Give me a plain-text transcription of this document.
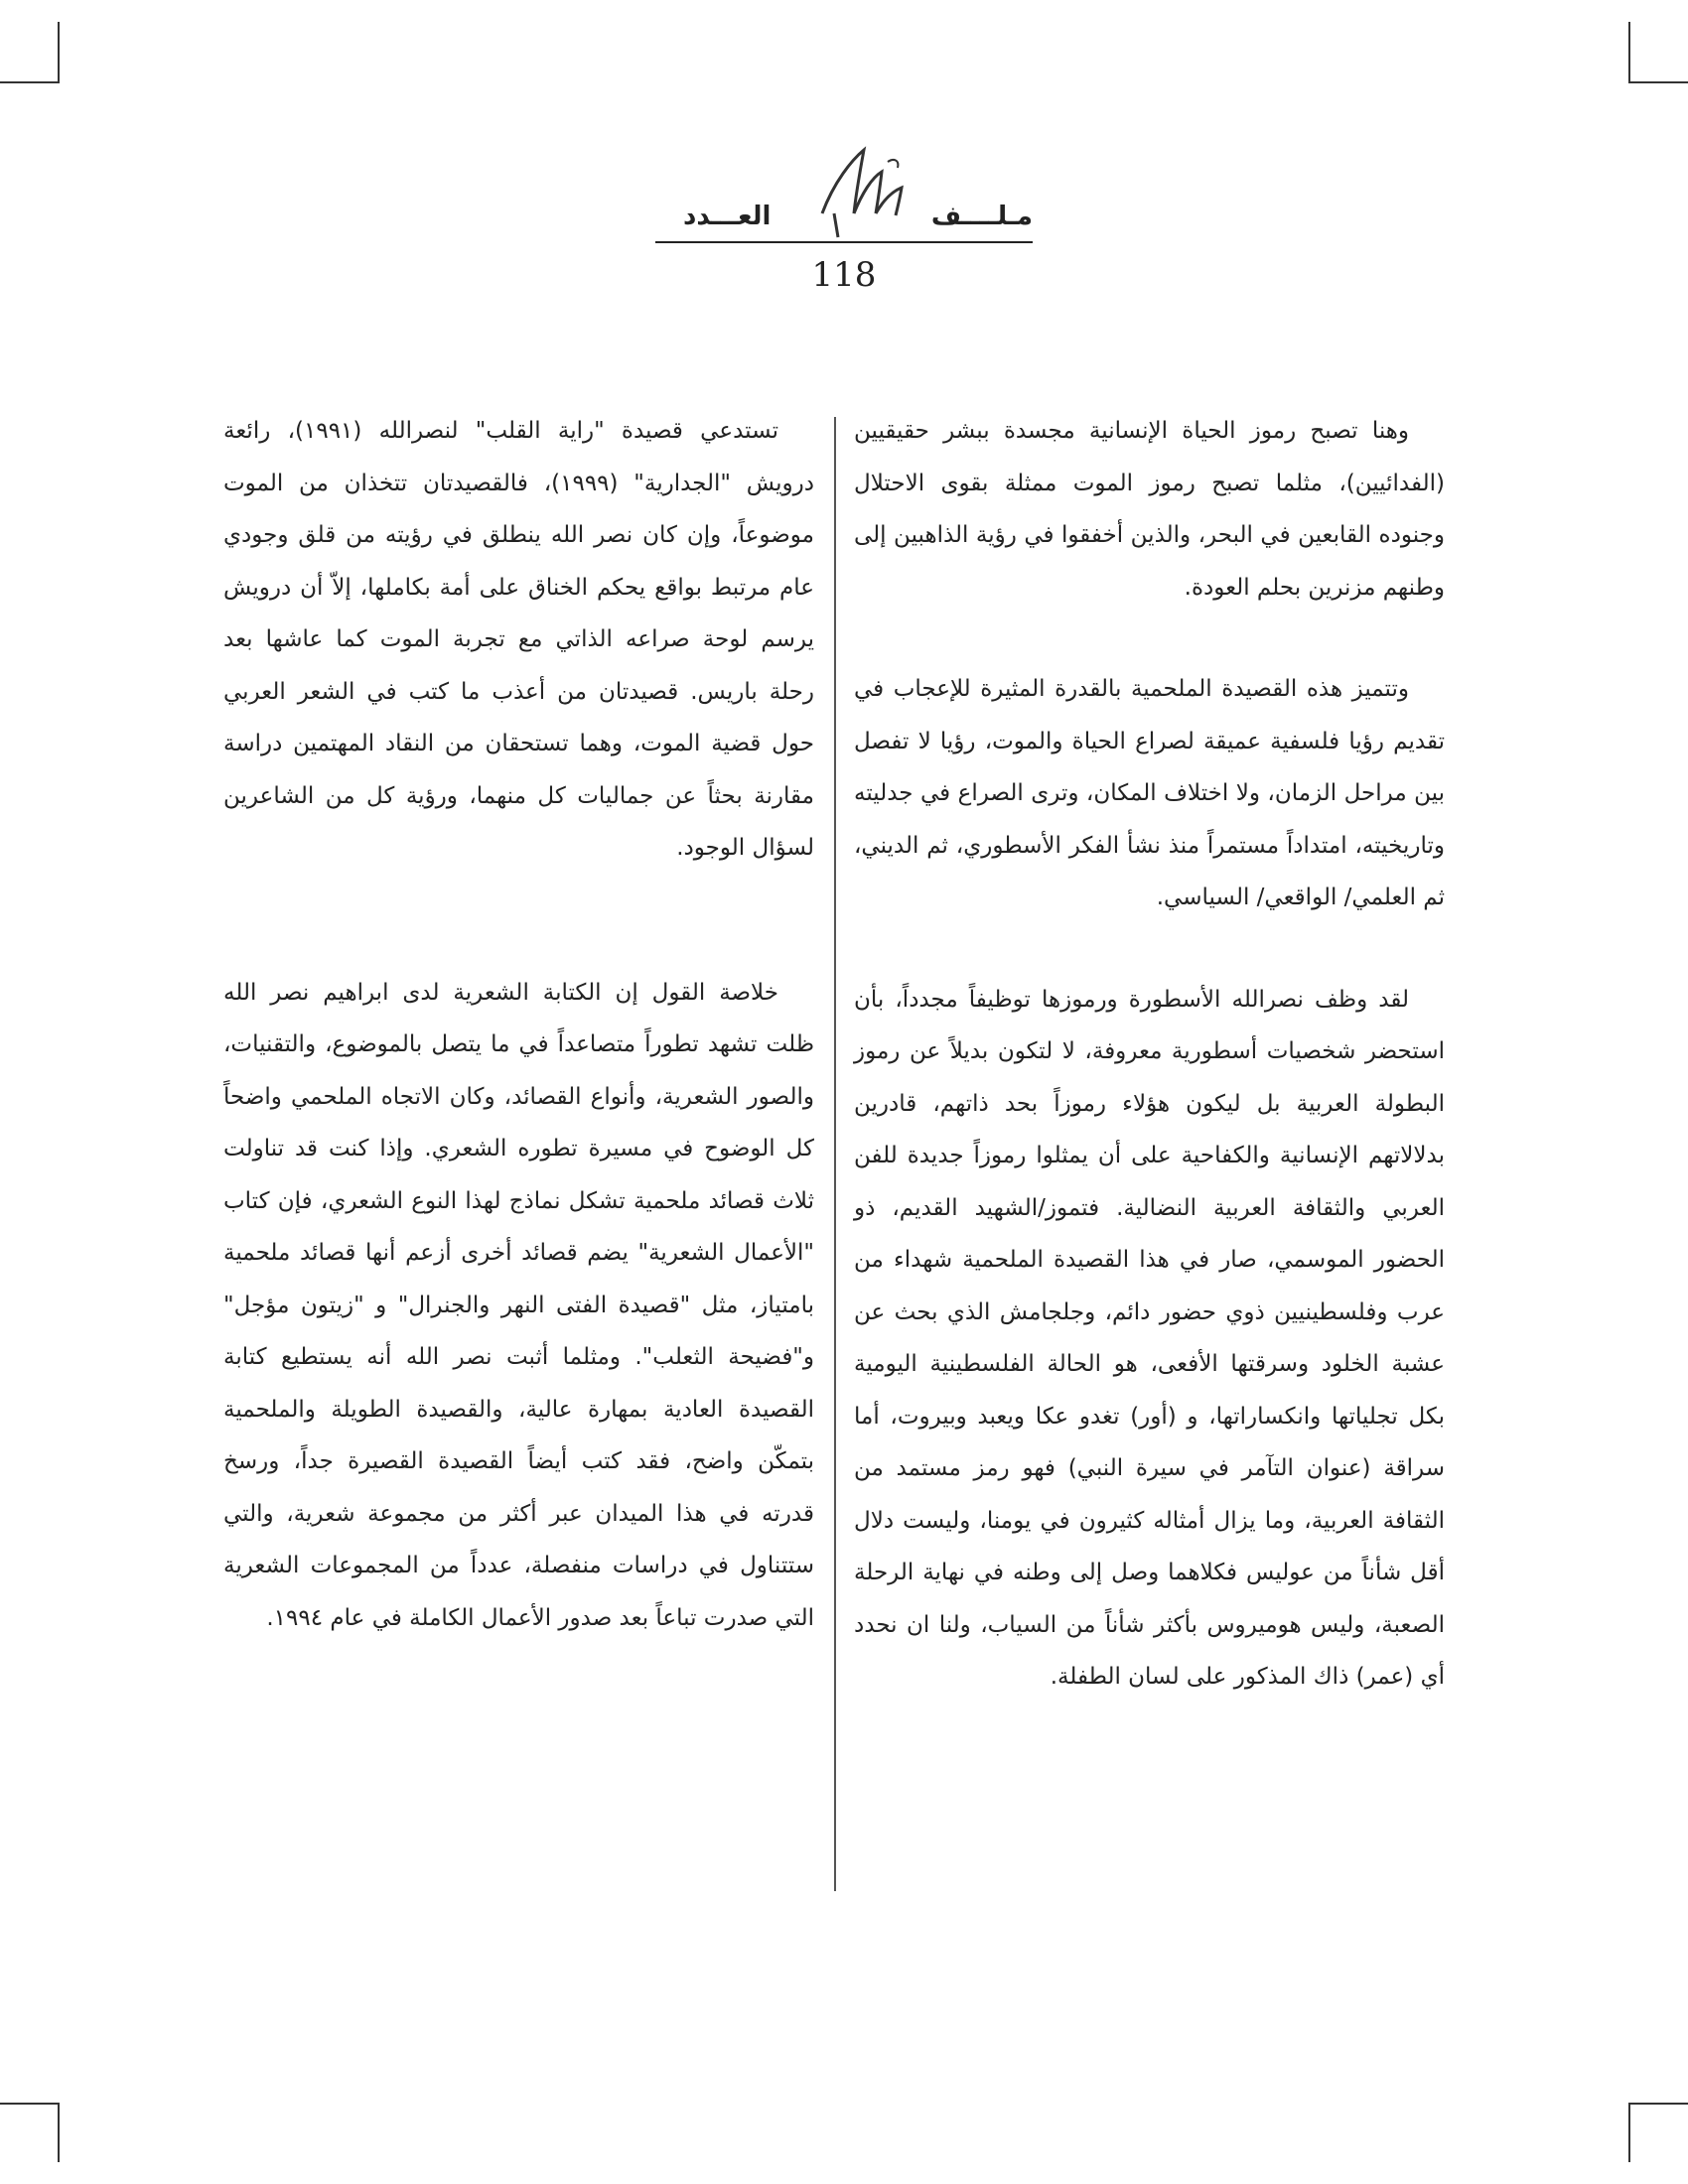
مـلــــف
العـــدد
118

وهنا تصبح رموز الحياة الإنسانية مجسدة ببشر حقيقيين (الفدائيين)، مثلما تصبح رموز الموت ممثلة بقوى الاحتلال وجنوده القابعين في البحر، والذين أخفقوا في رؤية الذاهبين إلى وطنهم مزنرين بحلم العودة.

وتتميز هذه القصيدة الملحمية بالقدرة المثيرة للإعجاب في تقديم رؤيا فلسفية عميقة لصراع الحياة والموت، رؤيا لا تفصل بين مراحل الزمان، ولا اختلاف المكان، وترى الصراع في جدليته وتاريخيته، امتداداً مستمراً منذ نشأ الفكر الأسطوري، ثم الديني، ثم العلمي/ الواقعي/ السياسي.

لقد وظف نصرالله الأسطورة ورموزها توظيفاً مجدداً، بأن استحضر شخصيات أسطورية معروفة، لا لتكون بديلاً عن رموز البطولة العربية بل ليكون هؤلاء رموزاً بحد ذاتهم، قادرين بدلالاتهم الإنسانية والكفاحية على أن يمثلوا رموزاً جديدة للفن العربي والثقافة العربية النضالية. فتموز/الشهيد القديم، ذو الحضور الموسمي، صار في هذا القصيدة الملحمية شهداء من عرب وفلسطينيين ذوي حضور دائم، وجلجامش الذي بحث عن عشبة الخلود وسرقتها الأفعى، هو الحالة الفلسطينية اليومية بكل تجلياتها وانكساراتها، و (أور) تغدو عكا ويعبد وبيروت، أما سراقة (عنوان التآمر في سيرة النبي) فهو رمز مستمد من الثقافة العربية، وما يزال أمثاله كثيرون في يومنا، وليست دلال أقل شأناً من عوليس فكلاهما وصل إلى وطنه في نهاية الرحلة الصعبة، وليس هوميروس بأكثر شأناً من السياب، ولنا ان نحدد أي (عمر) ذاك المذكور على لسان الطفلة.

تستدعي قصيدة "راية القلب" لنصرالله (١٩٩١)، رائعة درويش "الجدارية" (١٩٩٩)، فالقصيدتان تتخذان من الموت موضوعاً، وإن كان نصر الله ينطلق في رؤيته من قلق وجودي عام مرتبط بواقع يحكم الخناق على أمة بكاملها، إلاّ أن درويش يرسم لوحة صراعه الذاتي مع تجربة الموت كما عاشها بعد رحلة باريس. قصيدتان من أعذب ما كتب في الشعر العربي حول قضية الموت، وهما تستحقان من النقاد المهتمين دراسة مقارنة بحثاً عن جماليات كل منهما، ورؤية كل من الشاعرين لسؤال الوجود.

خلاصة القول إن الكتابة الشعرية لدى ابراهيم نصر الله ظلت تشهد تطوراً متصاعداً في ما يتصل بالموضوع، والتقنيات، والصور الشعرية، وأنواع القصائد، وكان الاتجاه الملحمي واضحاً كل الوضوح في مسيرة تطوره الشعري. وإذا كنت قد تناولت ثلاث قصائد ملحمية تشكل نماذج لهذا النوع الشعري، فإن كتاب "الأعمال الشعرية" يضم قصائد أخرى أزعم أنها قصائد ملحمية بامتياز، مثل "قصيدة الفتى النهر والجنرال" و "زيتون مؤجل" و"فضيحة الثعلب". ومثلما أثبت نصر الله أنه يستطيع كتابة القصيدة العادية بمهارة عالية، والقصيدة الطويلة والملحمية بتمكّن واضح، فقد كتب أيضاً القصيدة القصيرة جداً، ورسخ قدرته في هذا الميدان عبر أكثر من مجموعة شعرية، والتي ستتناول في دراسات منفصلة، عدداً من المجموعات الشعرية التي صدرت تباعاً بعد صدور الأعمال الكاملة في عام ١٩٩٤.
